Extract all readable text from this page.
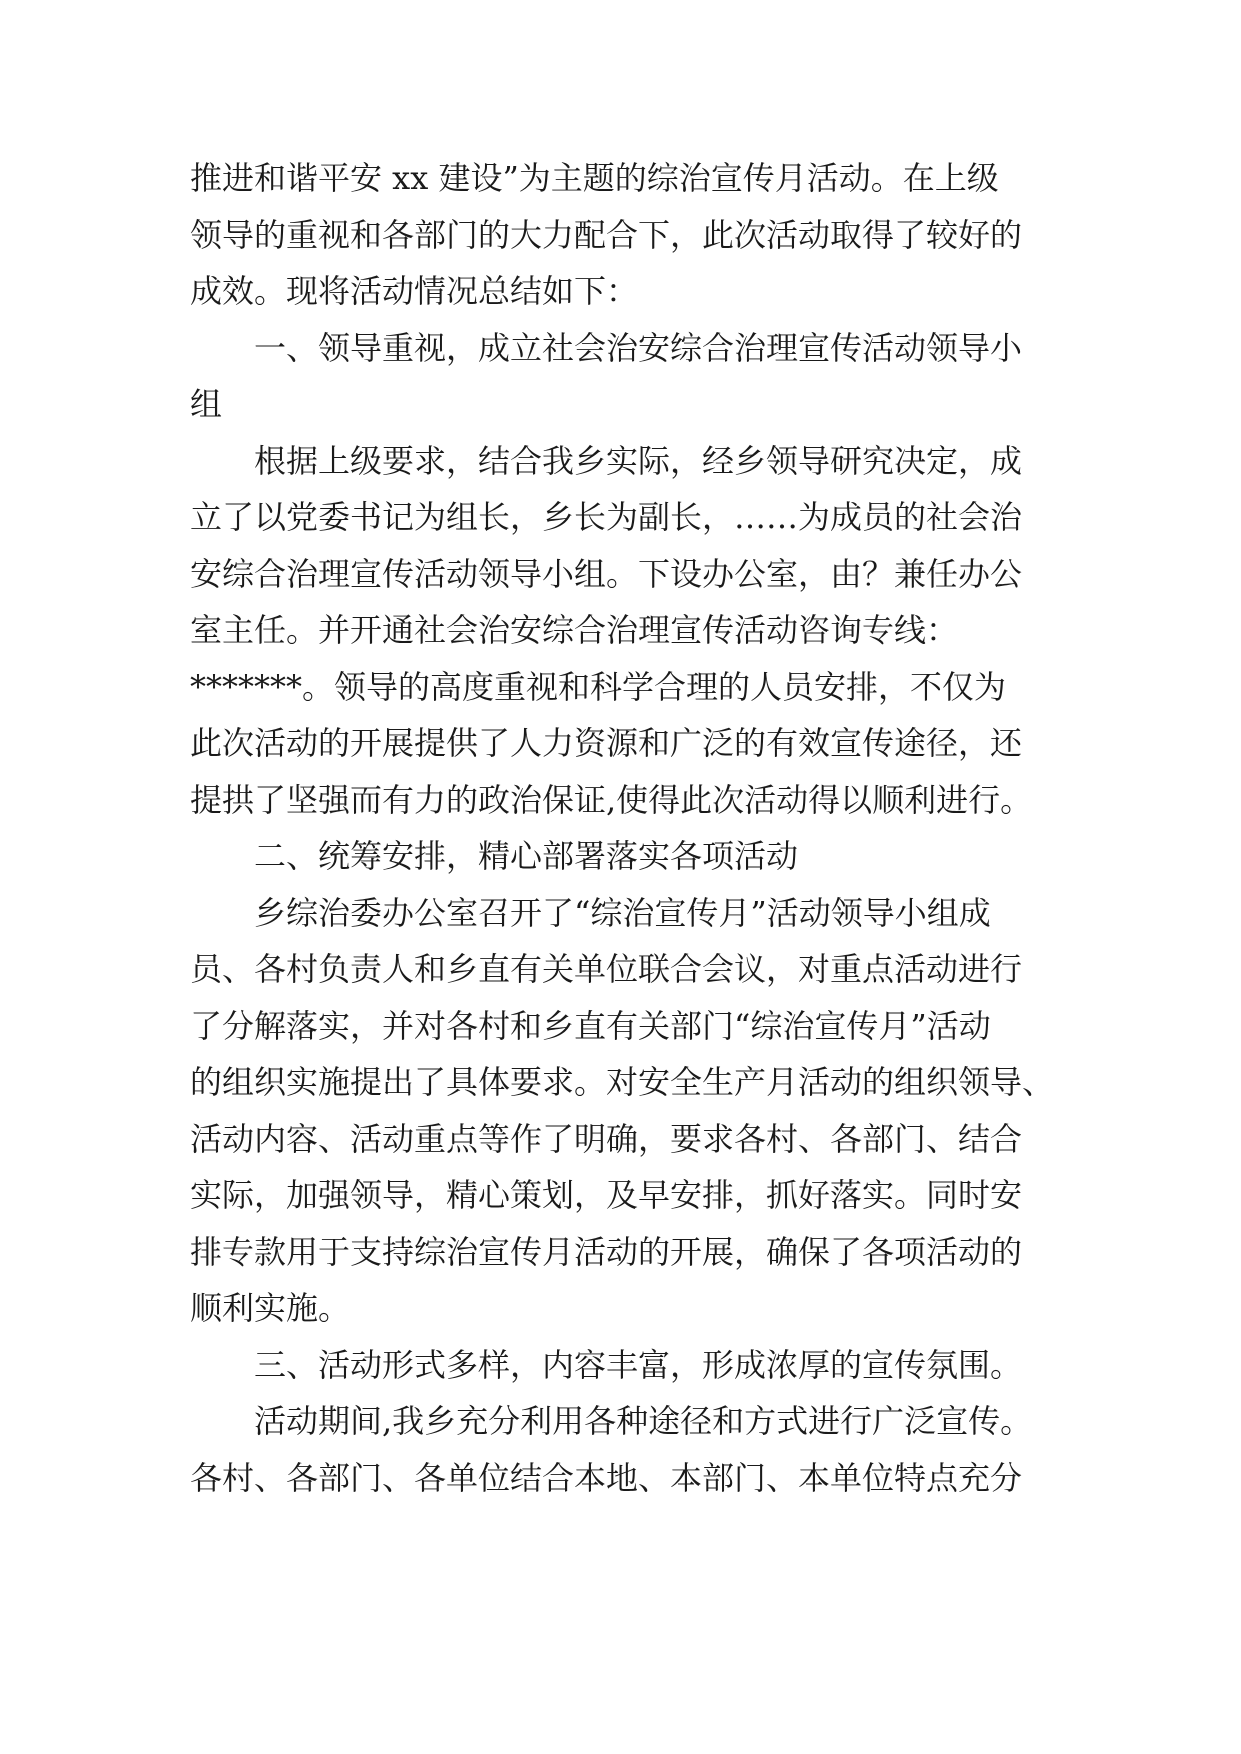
推进和谐平安 xx 建设”为主题的综治宣传月活动。在上级
领导的重视和各部门的大力配合下，此次活动取得了较好的
成效。现将活动情况总结如下：
一、领导重视，成立社会治安综合治理宣传活动领导小
组
根据上级要求，结合我乡实际，经乡领导研究决定，成
立了以党委书记为组长，乡长为副长，……为成员的社会治
安综合治理宣传活动领导小组。下设办公室，由？兼任办公
室主任。并开通社会治安综合治理宣传活动咨询专线：
*******。领导的高度重视和科学合理的人员安排，不仅为
此次活动的开展提供了人力资源和广泛的有效宣传途径，还
提拱了坚强而有力的政治保证,使得此次活动得以顺利进行。
二、统筹安排，精心部署落实各项活动
乡综治委办公室召开了“综治宣传月”活动领导小组成
员、各村负责人和乡直有关单位联合会议，对重点活动进行
了分解落实，并对各村和乡直有关部门“综治宣传月”活动
的组织实施提出了具体要求。对安全生产月活动的组织领导、
活动内容、活动重点等作了明确，要求各村、各部门、结合
实际，加强领导，精心策划，及早安排，抓好落实。同时安
排专款用于支持综治宣传月活动的开展，确保了各项活动的
顺利实施。
三、活动形式多样，内容丰富，形成浓厚的宣传氛围。
活动期间,我乡充分利用各种途径和方式进行广泛宣传。
各村、各部门、各单位结合本地、本部门、本单位特点充分
